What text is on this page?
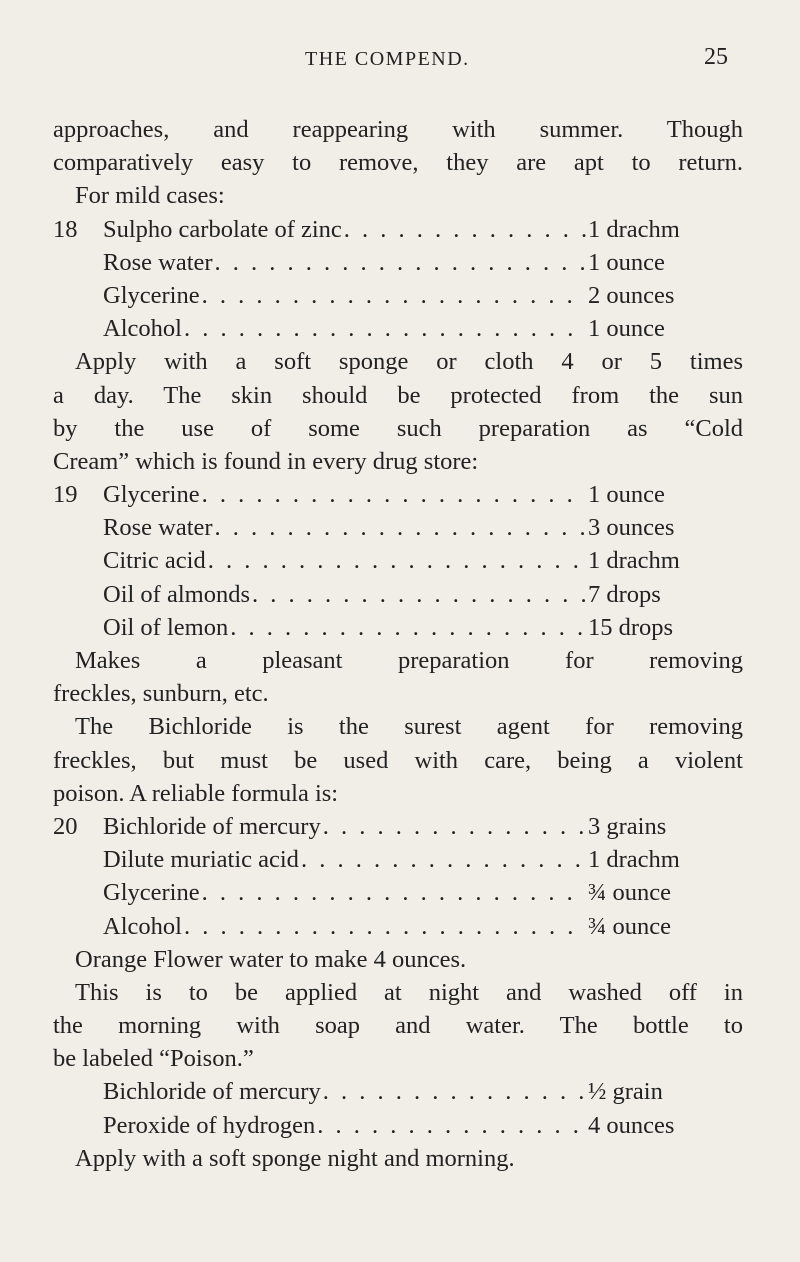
THE COMPEND.	25
approaches, and reappearing with summer. Though
comparatively easy to remove, they are apt to return.
For mild cases:
18	Sulpho carbolate of zinc . . .	1 drachm
Rose water . . .	1 ounce
Glycerine . . .	2 ounces
Alcohol . . .	1 ounce
Apply with a soft sponge or cloth 4 or 5 times
a day. The skin should be protected from the sun
by the use of some such preparation as “Cold
Cream” which is found in every drug store:
19	Glycerine . . .	1 ounce
Rose water . . .	3 ounces
Citric acid . . .	1 drachm
Oil of almonds . . .	7 drops
Oil of lemon . . .	15 drops
Makes a pleasant preparation for removing
freckles, sunburn, etc.
The Bichloride is the surest agent for removing
freckles, but must be used with care, being a violent
poison. A reliable formula is:
20	Bichloride of mercury . . .	3 grains
Dilute muriatic acid . . .	1 drachm
Glycerine . . .	¾ ounce
Alcohol . . .	¾ ounce
Orange Flower water to make 4 ounces.
This is to be applied at night and washed off in
the morning with soap and water. The bottle to
be labeled “Poison.”
Bichloride of mercury . . .	½ grain
Peroxide of hydrogen . . .	4 ounces
Apply with a soft sponge night and morning.
